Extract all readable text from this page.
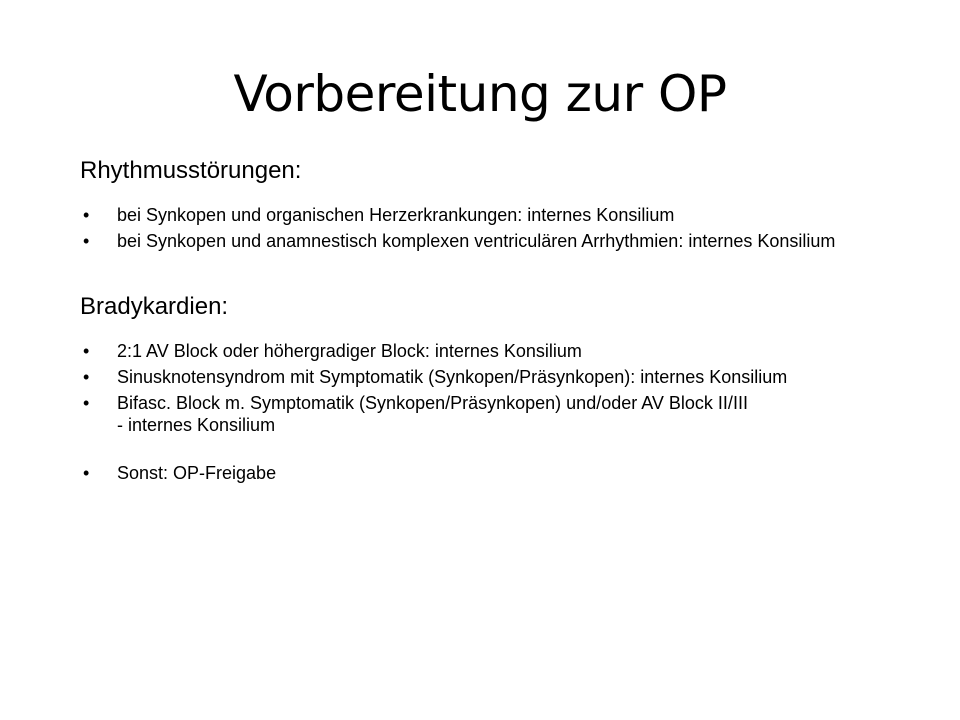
Vorbereitung zur OP
Rhythmusstörungen:
• bei Synkopen und organischen Herzerkrankungen: internes Konsilium
• bei Synkopen und anamnestisch komplexen ventriculären Arrhythmien: internes Konsilium
Bradykardien:
• 2:1 AV Block oder höhergradiger Block: internes Konsilium
• Sinusknotensyndrom mit Symptomatik (Synkopen/Präsynkopen): internes Konsilium
• Bifasc. Block m. Symptomatik (Synkopen/Präsynkopen) und/oder AV Block II/III
- internes Konsilium
• Sonst: OP-Freigabe
